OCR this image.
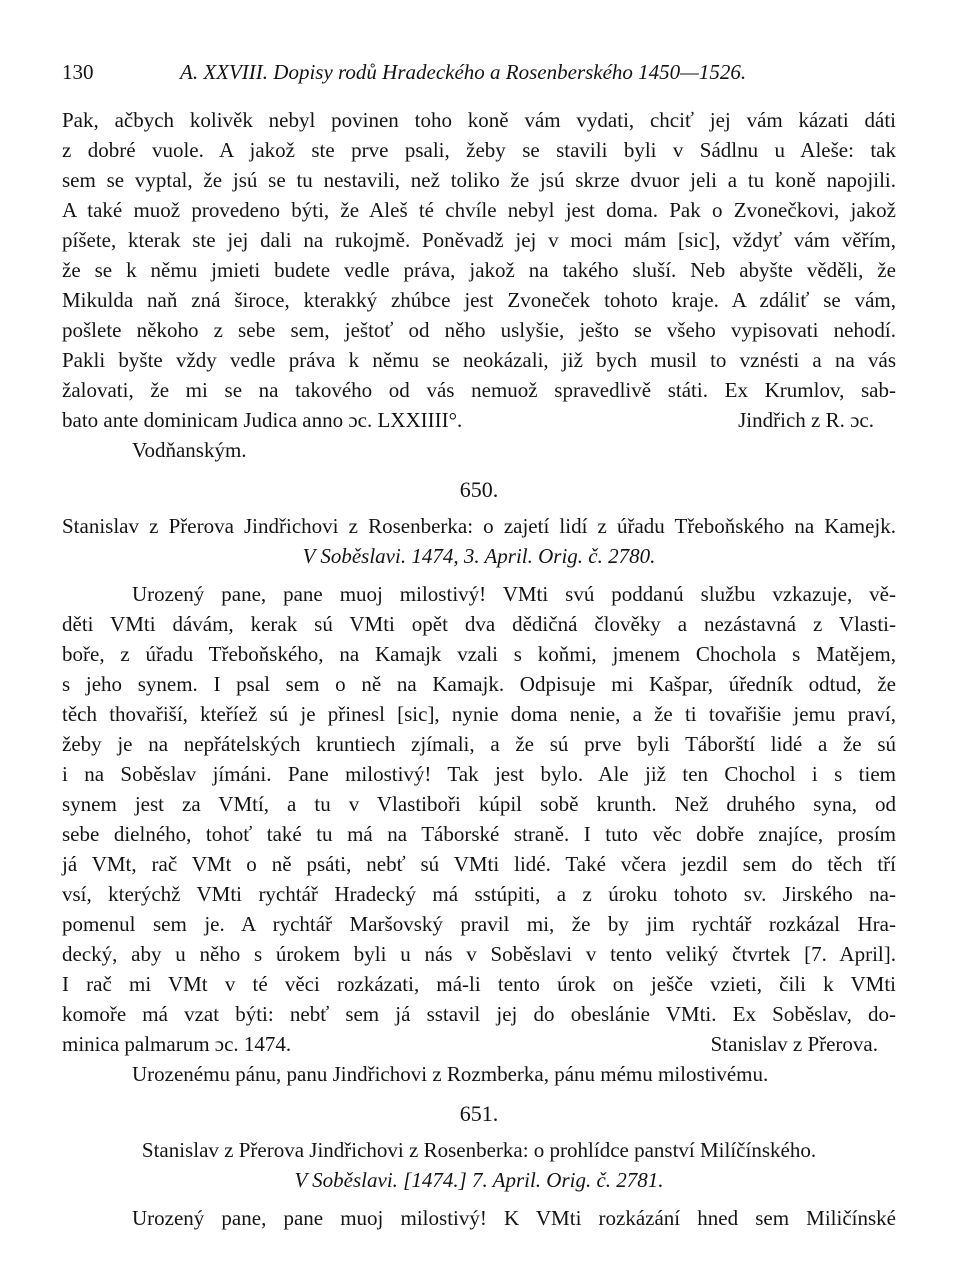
130	A. XXVIII. Dopisy rodů Hradeckého a Rosenberského 1450—1526.
Pak, ačbych kolivěk nebyl povinen toho koně vám vydati, chciť jej vám kázati dáti
z dobré vuole. A jakož ste prve psali, žeby se stavili byli v Sádlnu u Aleše: tak
sem se vyptal, že jsú se tu nestavili, než toliko že jsú skrze dvuor jeli a tu koně napojili.
A také muož provedeno býti, že Aleš té chvíle nebyl jest doma. Pak o Zvonečkovi, jakož
píšete, kterak ste jej dali na rukojmě. Poněvadž jej v moci mám [sic], vždyť vám věřím,
že se k němu jmieti budete vedle práva, jakož na takého sluší. Neb abyšte věděli, že
Mikulda naň zná široce, kterakký zhúbce jest Zvoneček tohoto kraje. A zdáliť se vám,
pošlete někoho z sebe sem, ještoť od něho uslyšie, ješto se všeho vypisovati nehodí.
Pakli byšte vždy vedle práva k němu se neokázali, již bych musil to vznésti a na vás
žalovati, že mi se na takového od vás nemuož spravedlivě státi. Ex Krumlov, sab-
bato ante dominicam Judica anno ɔc. LXXIIII°.	Jindřich z R. ɔc.
Vodňanským.
650.
Stanislav z Přerova Jindřichovi z Rosenberka: o zajetí lidí z úřadu Třeboňského na Kamejk.
V Soběslavi. 1474, 3. April. Orig. č. 2780.
Urozený pane, pane muoj milostivý! VMti svú poddanú službu vzkazuje, vě-
děti VMti dávám, kerak sú VMti opět dva dědičná člověky a nezástavná z Vlasti-
boře, z úřadu Třeboňského, na Kamajk vzali s koňmi, jmenem Chochola s Matějem,
s jeho synem. I psal sem o ně na Kamajk. Odpisuje mi Kašpar, úředník odtud, že
těch thovařiší, kteříež sú je přinesl [sic], nynie doma nenie, a že ti tovařišie jemu praví,
žeby je na nepřátelských kruntiech zjímali, a že sú prve byli Táborští lidé a že sú
i na Soběslav jímáni. Pane milostivý! Tak jest bylo. Ale již ten Chochol i s tiem
synem jest za VMtí, a tu v Vlastiboři kúpil sobě krunth. Než druhého syna, od
sebe dielného, tohoť také tu má na Táborské straně. I tuto věc dobře znajíce, prosím
já VMt, rač VMt o ně psáti, nebť sú VMti lidé. Také včera jezdil sem do těch tří
vsí, kterýchž VMti rychtář Hradecký má sstúpiti, a z úroku tohoto sv. Jirského na-
pomenul sem je. A rychtář Maršovský pravil mi, že by jim rychtář rozkázal Hra-
decký, aby u něho s úrokem byli u nás v Soběslavi v tento veliký čtvrtek [7. April].
I rač mi VMt v té věci rozkázati, má-li tento úrok on ješče vzieti, čili k VMti
komoře má vzat býti: nebť sem já sstavil jej do obeslánie VMti. Ex Soběslav, do-
minica palmarum ɔc. 1474.	Stanislav z Přerova.
Urozenému pánu, panu Jindřichovi z Rozmberka, pánu mému milostivému.
651.
Stanislav z Přerova Jindřichovi z Rosenberka: o prohlídce panství Milíčínského.
V Soběslavi. [1474.] 7. April. Orig. č. 2781.
Urozený pane, pane muoj milostivý! K VMti rozkázání hned sem Miličínské
